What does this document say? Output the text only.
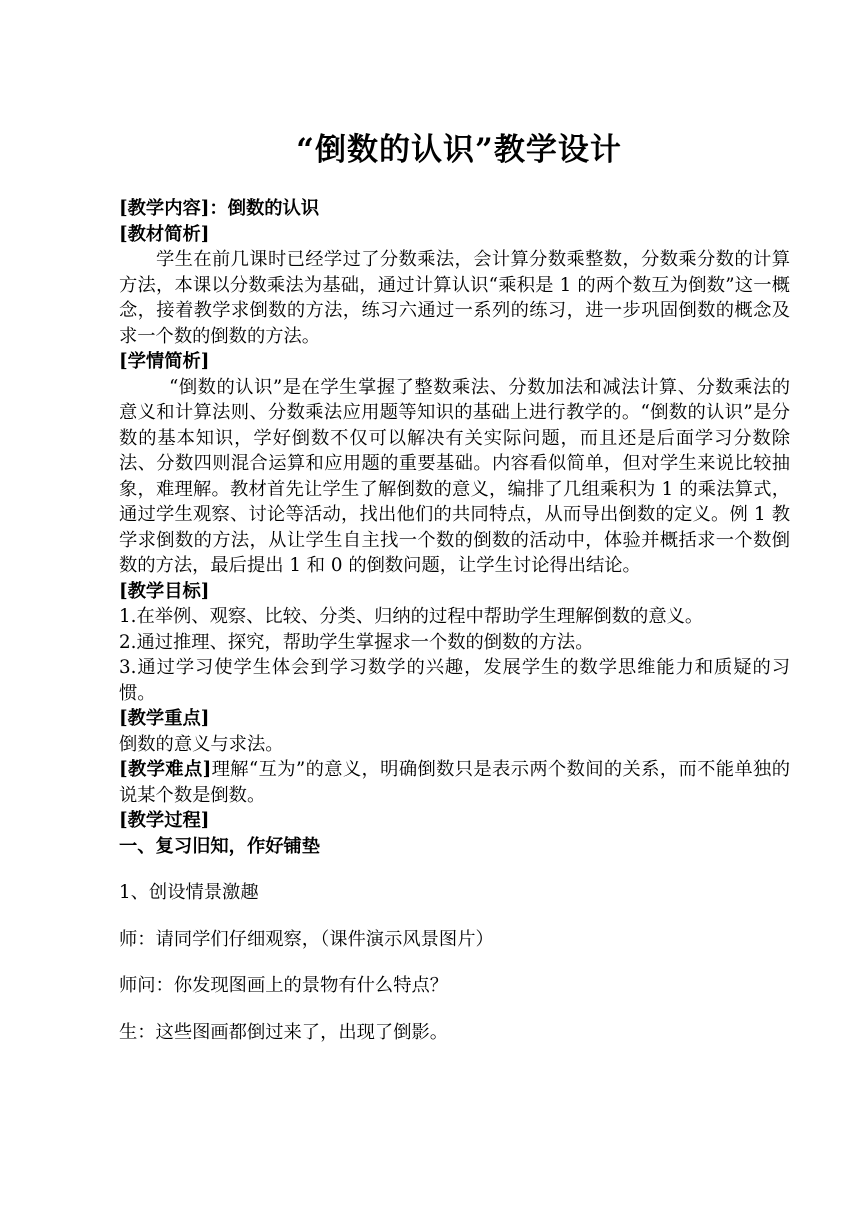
“倒数的认识”教学设计

[教学内容]：倒数的认识

[教材简析]

学生在前几课时已经学过了分数乘法，会计算分数乘整数，分数乘分数的计算方法，本课以分数乘法为基础，通过计算认识“乘积是 1 的两个数互为倒数”这一概念，接着教学求倒数的方法，练习六通过一系列的练习，进一步巩固倒数的概念及求一个数的倒数的方法。

[学情简析]

“倒数的认识”是在学生掌握了整数乘法、分数加法和减法计算、分数乘法的意义和计算法则、分数乘法应用题等知识的基础上进行教学的。“倒数的认识”是分数的基本知识，学好倒数不仅可以解决有关实际问题，而且还是后面学习分数除法、分数四则混合运算和应用题的重要基础。内容看似简单，但对学生来说比较抽象，难理解。教材首先让学生了解倒数的意义，编排了几组乘积为 1 的乘法算式，通过学生观察、讨论等活动，找出他们的共同特点，从而导出倒数的定义。例 1 教学求倒数的方法，从让学生自主找一个数的倒数的活动中，体验并概括求一个数倒数的方法，最后提出 1 和 0 的倒数问题，让学生讨论得出结论。

[教学目标]

1.在举例、观察、比较、分类、归纳的过程中帮助学生理解倒数的意义。

2.通过推理、探究，帮助学生掌握求一个数的倒数的方法。

3.通过学习使学生体会到学习数学的兴趣，发展学生的数学思维能力和质疑的习惯。

[教学重点]

倒数的意义与求法。

[教学难点]理解“互为”的意义，明确倒数只是表示两个数间的关系，而不能单独的说某个数是倒数。

[教学过程]

一、复习旧知，作好铺垫

1、创设情景激趣

师：请同学们仔细观察，（课件演示风景图片）

师问：你发现图画上的景物有什么特点？

生：这些图画都倒过来了，出现了倒影。
